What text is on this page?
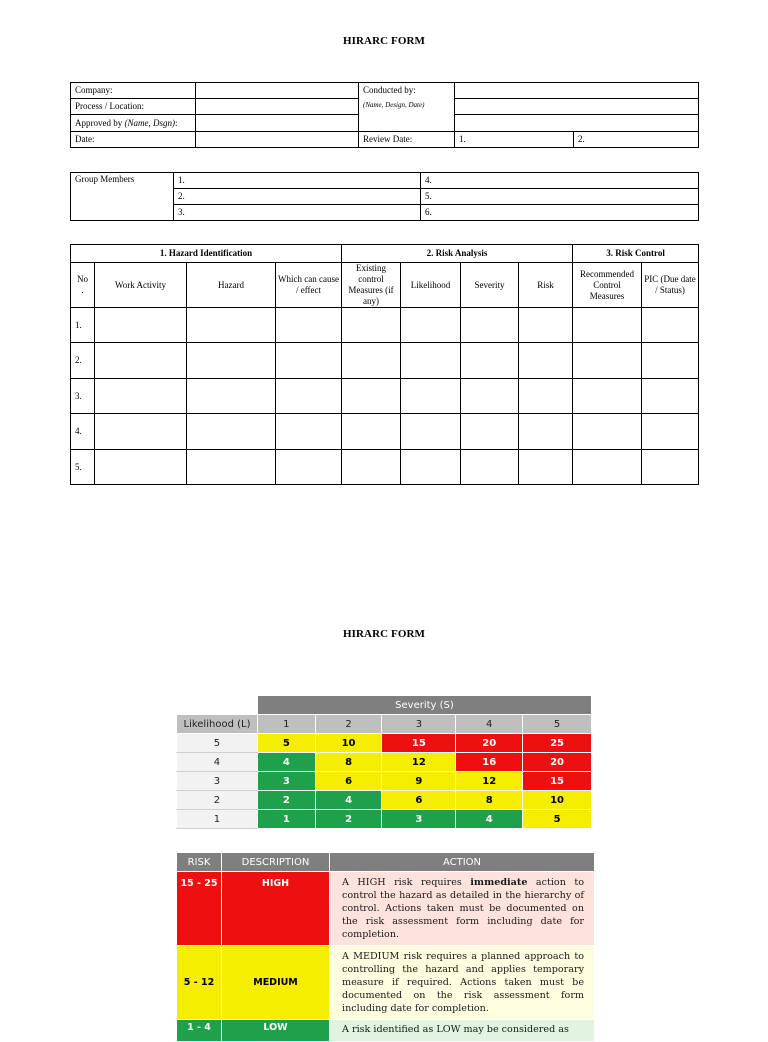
HIRARC FORM
Company:		Conducted by:
(Name, Design, Date)		

Process / Location:				
Approved by (Name, Dsgn):				
Date:		Review Date:	1.	2.
Group Members	1.	4.
	2.	5.
	3.	6.
1. Hazard Identification				2. Risk Analysis				3. Risk Control	

No
.	Work Activity	Hazard	Which can cause / effect	Existing control Measures (if any)	Likelihood	Severity	Risk	Recommended Control Measures	PIC (Due date / Status)
1.									
2.									
3.									
4.									
5.									
HIRARC FORM
	Severity (S)				
Likelihood (L)	1	2	3	4	5
5	5	10	15	20	25
4	4	8	12	16	20
3	3	6	9	12	15
2	2	4	6	8	10
1	1	2	3	4	5
RISK	DESCRIPTION	ACTION
15 - 25	HIGH	A HIGH risk requires immediate action to control the hazard as detailed in the hierarchy of control. Actions taken must be documented on the risk assessment form including date for completion.
5 - 12	MEDIUM	A MEDIUM risk requires a planned approach to controlling the hazard and applies temporary measure if required. Actions taken must be documented on the risk assessment form including date for completion.
1 - 4	LOW	A risk identified as LOW may be considered as
